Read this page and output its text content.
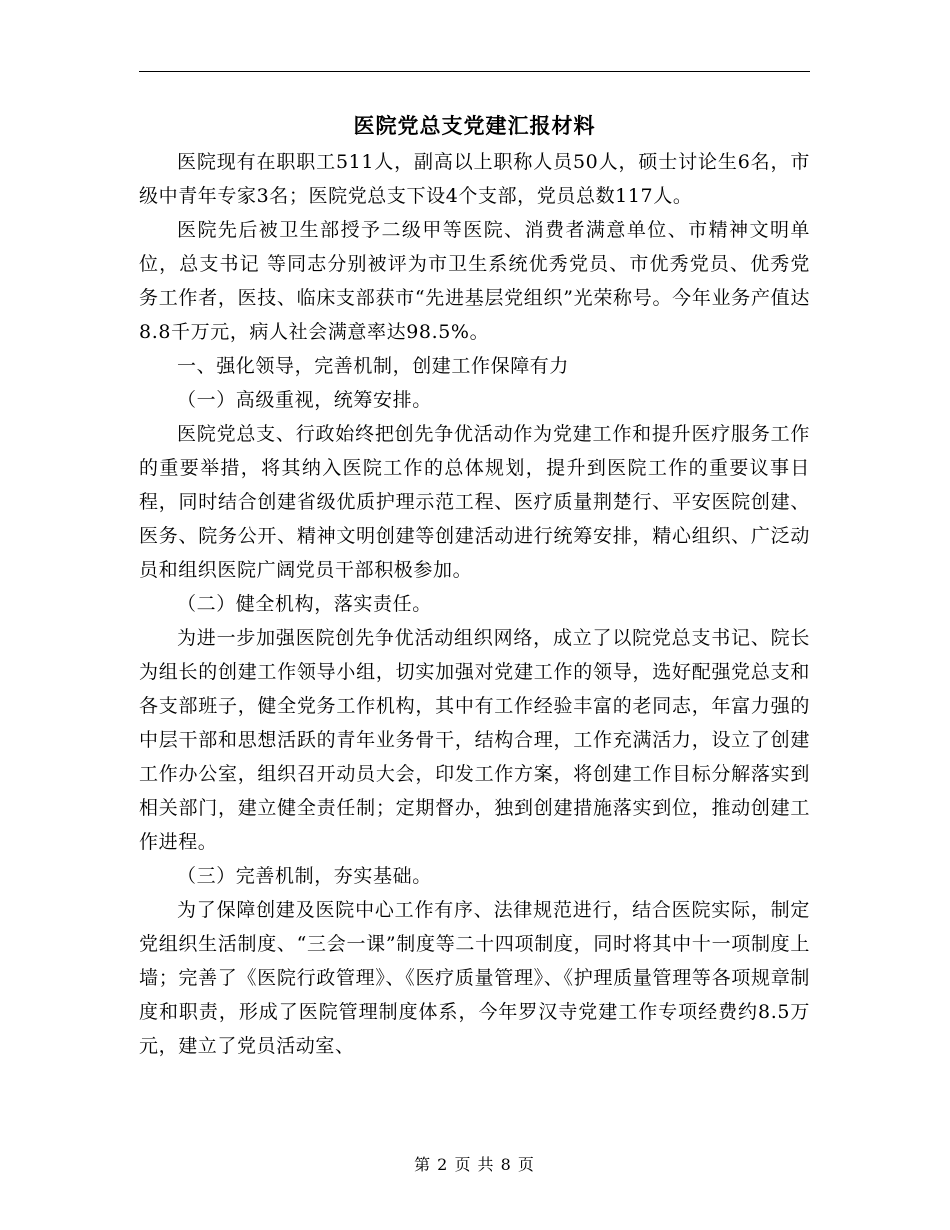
医院党总支党建汇报材料

医院现有在职职工511人，副高以上职称人员50人，硕士讨论生6名，市级中青年专家3名；医院党总支下设4个支部，党员总数117人。

医院先后被卫生部授予二级甲等医院、消费者满意单位、市精神文明单位，总支书记 等同志分别被评为市卫生系统优秀党员、市优秀党员、优秀党务工作者，医技、临床支部获市“先进基层党组织”光荣称号。今年业务产值达8.8千万元，病人社会满意率达98.5%。

一、强化领导，完善机制，创建工作保障有力

（一）高级重视，统筹安排。

医院党总支、行政始终把创先争优活动作为党建工作和提升医疗服务工作的重要举措，将其纳入医院工作的总体规划，提升到医院工作的重要议事日程，同时结合创建省级优质护理示范工程、医疗质量荆楚行、平安医院创建、医务、院务公开、精神文明创建等创建活动进行统筹安排，精心组织、广泛动员和组织医院广阔党员干部积极参加。

（二）健全机构，落实责任。

为进一步加强医院创先争优活动组织网络，成立了以院党总支书记、院长为组长的创建工作领导小组，切实加强对党建工作的领导，选好配强党总支和各支部班子，健全党务工作机构，其中有工作经验丰富的老同志，年富力强的中层干部和思想活跃的青年业务骨干，结构合理，工作充满活力，设立了创建工作办公室，组织召开动员大会，印发工作方案，将创建工作目标分解落实到相关部门，建立健全责任制；定期督办，独到创建措施落实到位，推动创建工作进程。

（三）完善机制，夯实基础。

为了保障创建及医院中心工作有序、法律规范进行，结合医院实际，制定党组织生活制度、“三会一课”制度等二十四项制度，同时将其中十一项制度上墙；完善了《医院行政管理》、《医疗质量管理》、《护理质量管理等各项规章制度和职责，形成了医院管理制度体系，今年罗汉寺党建工作专项经费约8.5万元，建立了党员活动室、

第 2 页 共 8 页
